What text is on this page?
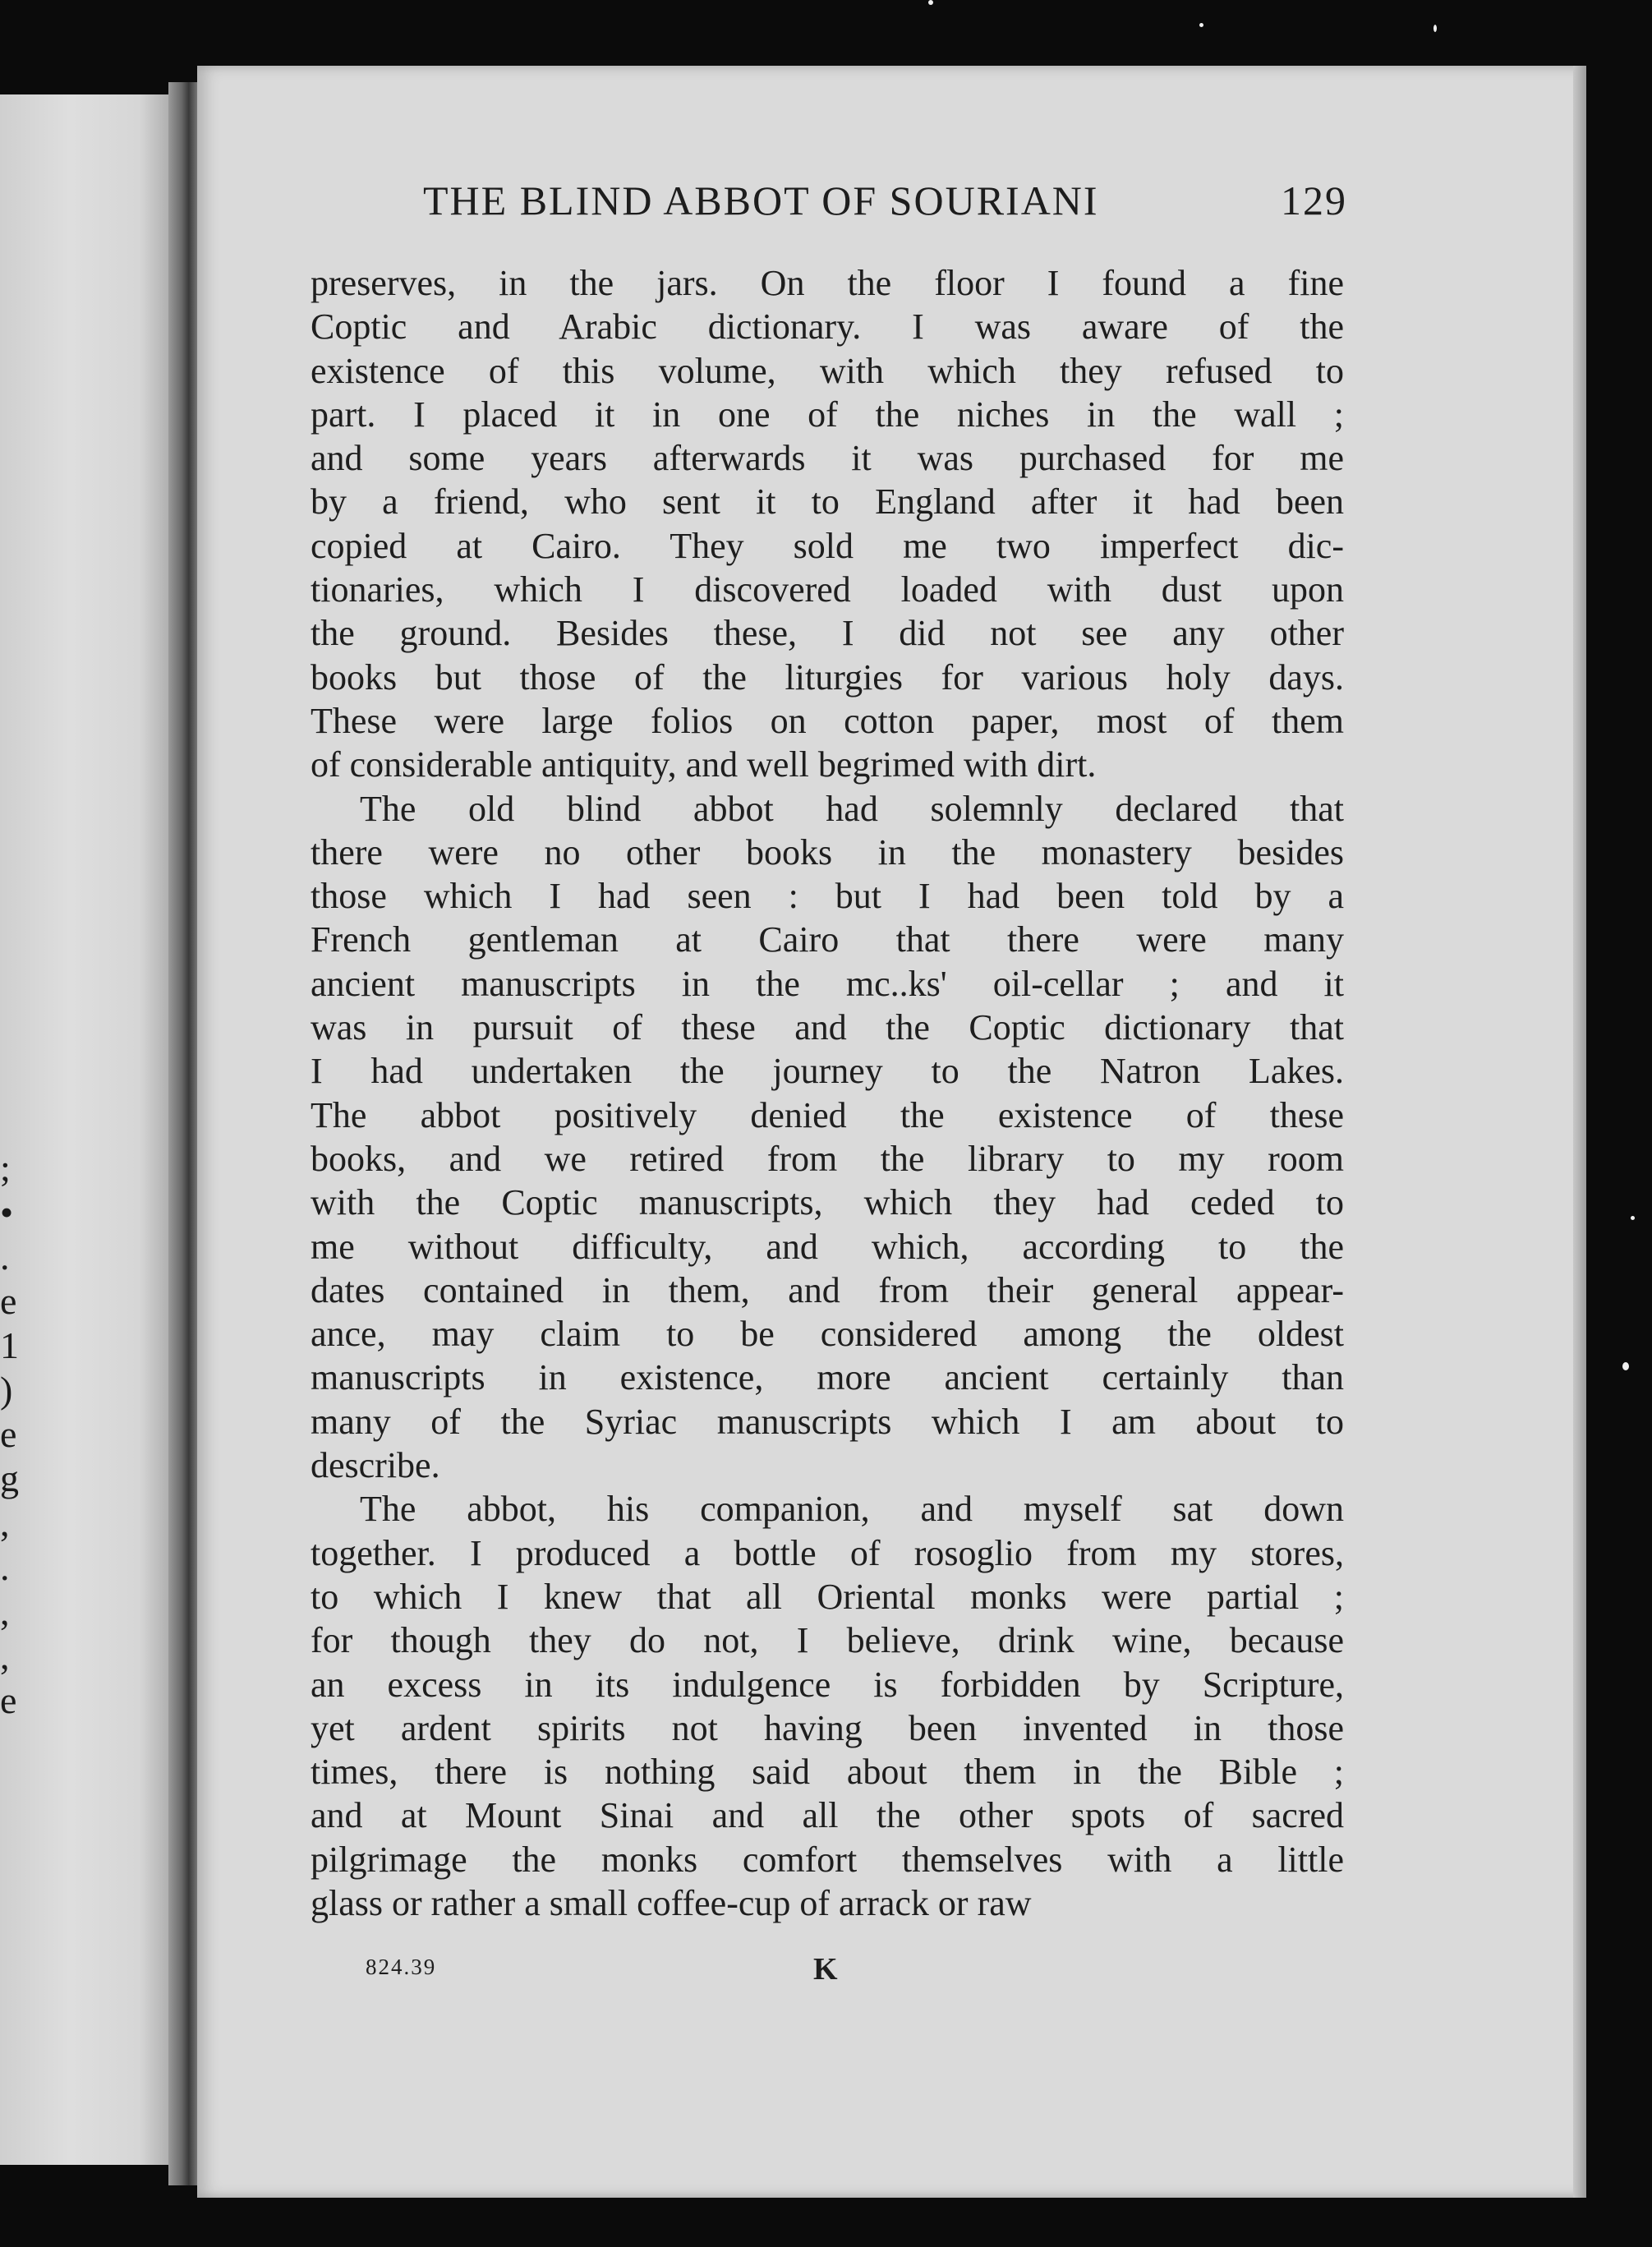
;
•
.
e
1
)
e
g
,
.
,
,
e
THE BLIND ABBOT OF SOURIANI	129
preserves, in the jars. On the floor I found a fine
Coptic and Arabic dictionary. I was aware of the
existence of this volume, with which they refused to
part. I placed it in one of the niches in the wall ;
and some years afterwards it was purchased for me
by a friend, who sent it to England after it had been
copied at Cairo. They sold me two imperfect dic-
tionaries, which I discovered loaded with dust upon
the ground. Besides these, I did not see any other
books but those of the liturgies for various holy days.
These were large folios on cotton paper, most of them
of considerable antiquity, and well begrimed with dirt.
The old blind abbot had solemnly declared that
there were no other books in the monastery besides
those which I had seen : but I had been told by a
French gentleman at Cairo that there were many
ancient manuscripts in the mc..ks' oil-cellar ; and it
was in pursuit of these and the Coptic dictionary that
I had undertaken the journey to the Natron Lakes.
The abbot positively denied the existence of these
books, and we retired from the library to my room
with the Coptic manuscripts, which they had ceded to
me without difficulty, and which, according to the
dates contained in them, and from their general appear-
ance, may claim to be considered among the oldest
manuscripts in existence, more ancient certainly than
many of the Syriac manuscripts which I am about to
describe.
The abbot, his companion, and myself sat down
together. I produced a bottle of rosoglio from my stores,
to which I knew that all Oriental monks were partial ;
for though they do not, I believe, drink wine, because
an excess in its indulgence is forbidden by Scripture,
yet ardent spirits not having been invented in those
times, there is nothing said about them in the Bible ;
and at Mount Sinai and all the other spots of sacred
pilgrimage the monks comfort themselves with a little
glass or rather a small coffee-cup of arrack or raw
824.39	K
